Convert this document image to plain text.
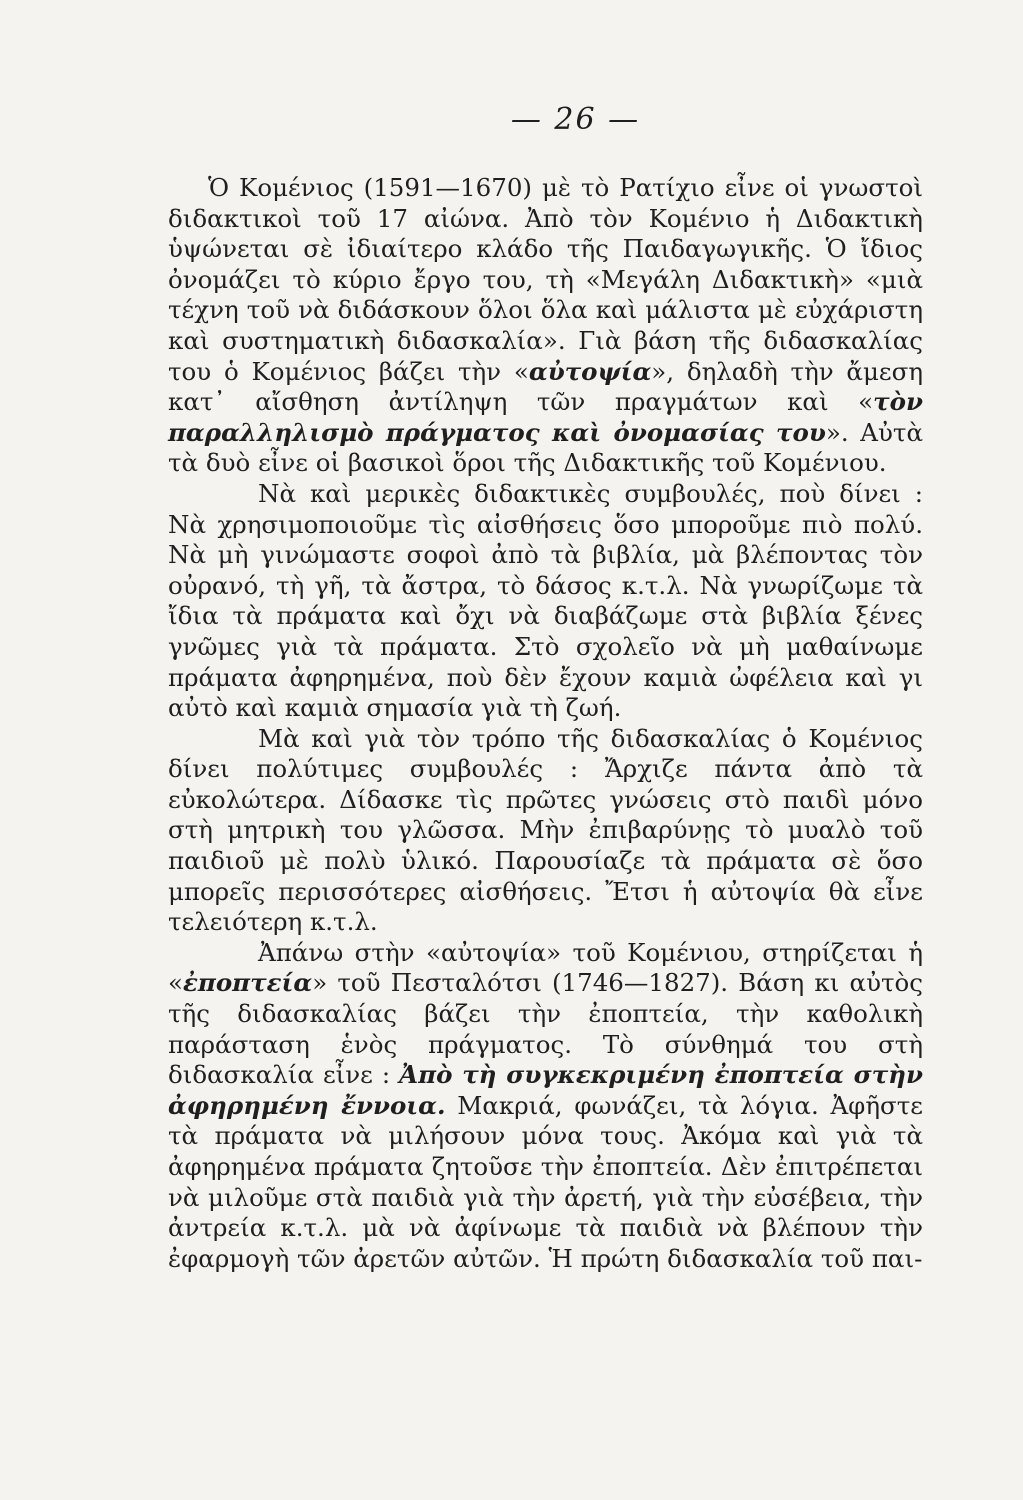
— 26 —

Ὁ Κομένιος (1591—1670) μὲ τὸ Ρατίχιο εἶνε οἱ γνωστοὶ διδακτικοὶ τοῦ 17 αἰώνα. Ἀπὸ τὸν Κομένιο ἡ Διδακτικὴ ὑψώνεται σὲ ἰδιαίτερο κλάδο τῆς Παιδαγωγικῆς. Ὁ ἴδιος ὀνομάζει τὸ κύριο ἔργο του, τὴ «Μεγάλη Διδακτικὴ» «μιὰ τέχνη τοῦ νὰ διδάσκουν ὅλοι ὅλα καὶ μάλιστα μὲ εὐχάριστη καὶ συστηματικὴ διδασκαλία». Γιὰ βάση τῆς διδασκαλίας του ὁ Κομένιος βάζει τὴν «αὐτοψία», δηλαδὴ τὴν ἄμεση κατ᾽ αἴσθηση ἀντίληψη τῶν πραγμάτων καὶ «τὸν παραλληλισμὸ πράγματος καὶ ὀνομασίας του». Αὐτὰ τὰ δυὸ εἶνε οἱ βασικοὶ ὅροι τῆς Διδακτικῆς τοῦ Κομένιου.

Νὰ καὶ μερικὲς διδακτικὲς συμβουλές, ποὺ δίνει : Νὰ χρησιμοποιοῦμε τὶς αἰσθήσεις ὅσο μποροῦμε πιὸ πολύ. Νὰ μὴ γινώμαστε σοφοὶ ἀπὸ τὰ βιβλία, μὰ βλέποντας τὸν οὐρανό, τὴ γῆ, τὰ ἄστρα, τὸ δάσος κ.τ.λ. Νὰ γνωρίζωμε τὰ ἴδια τὰ πράματα καὶ ὄχι νὰ διαβάζωμε στὰ βιβλία ξένες γνῶμες γιὰ τὰ πράματα. Στὸ σχολεῖο νὰ μὴ μαθαίνωμε πράματα ἀφηρημένα, ποὺ δὲν ἔχουν καμιὰ ὠφέλεια καὶ γι αὐτὸ καὶ καμιὰ σημασία γιὰ τὴ ζωή.

Μὰ καὶ γιὰ τὸν τρόπο τῆς διδασκαλίας ὁ Κομένιος δίνει πολύτιμες συμβουλές : Ἄρχιζε πάντα ἀπὸ τὰ εὐκολώτερα. Δίδασκε τὶς πρῶτες γνώσεις στὸ παιδὶ μόνο στὴ μητρικὴ του γλῶσσα. Μὴν ἐπιβαρύνῃς τὸ μυαλὸ τοῦ παιδιοῦ μὲ πολὺ ὑλικό. Παρουσίαζε τὰ πράματα σὲ ὅσο μπορεῖς περισσότερες αἰσθήσεις. Ἔτσι ἡ αὐτοψία θὰ εἶνε τελειότερη κ.τ.λ.

Ἀπάνω στὴν «αὐτοψία» τοῦ Κομένιου, στηρίζεται ἡ «ἐποπτεία» τοῦ Πεσταλότσι (1746—1827). Βάση κι αὐτὸς τῆς διδασκαλίας βάζει τὴν ἐποπτεία, τὴν καθολικὴ παράσταση ἑνὸς πράγματος. Τὸ σύνθημά του στὴ διδασκαλία εἶνε : Ἀπὸ τὴ συγκεκριμένη ἐποπτεία στὴν ἀφηρημένη ἔννοια. Μακριά, φωνάζει, τὰ λόγια. Ἀφῆστε τὰ πράματα νὰ μιλήσουν μόνα τους. Ἀκόμα καὶ γιὰ τὰ ἀφηρημένα πράματα ζητοῦσε τὴν ἐποπτεία. Δὲν ἐπιτρέπεται νὰ μιλοῦμε στὰ παιδιὰ γιὰ τὴν ἀρετή, γιὰ τὴν εὐσέβεια, τὴν ἀντρεία κ.τ.λ. μὰ νὰ ἀφίνωμε τὰ παιδιὰ νὰ βλέπουν τὴν ἐφαρμογὴ τῶν ἀρετῶν αὐτῶν. Ἡ πρώτη διδασκαλία τοῦ παι-
